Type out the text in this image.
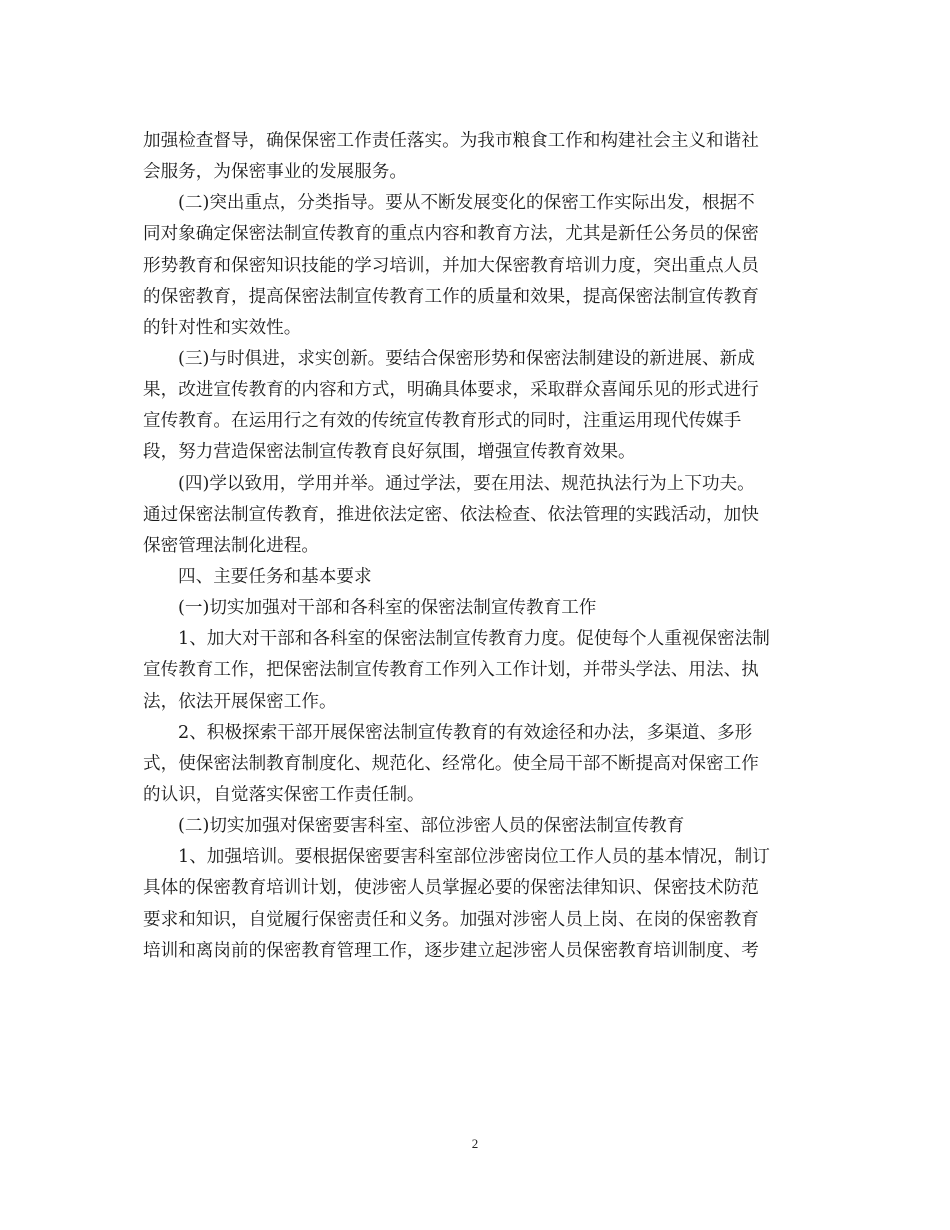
加强检查督导，确保保密工作责任落实。为我市粮食工作和构建社会主义和谐社
会服务，为保密事业的发展服务。
(二)突出重点，分类指导。要从不断发展变化的保密工作实际出发，根据不
同对象确定保密法制宣传教育的重点内容和教育方法，尤其是新任公务员的保密
形势教育和保密知识技能的学习培训，并加大保密教育培训力度，突出重点人员
的保密教育，提高保密法制宣传教育工作的质量和效果，提高保密法制宣传教育
的针对性和实效性。
(三)与时俱进，求实创新。要结合保密形势和保密法制建设的新进展、新成
果，改进宣传教育的内容和方式，明确具体要求，采取群众喜闻乐见的形式进行
宣传教育。在运用行之有效的传统宣传教育形式的同时，注重运用现代传媒手
段，努力营造保密法制宣传教育良好氛围，增强宣传教育效果。
(四)学以致用，学用并举。通过学法，要在用法、规范执法行为上下功夫。
通过保密法制宣传教育，推进依法定密、依法检查、依法管理的实践活动，加快
保密管理法制化进程。
四、主要任务和基本要求
(一)切实加强对干部和各科室的保密法制宣传教育工作
1、加大对干部和各科室的保密法制宣传教育力度。促使每个人重视保密法制
宣传教育工作，把保密法制宣传教育工作列入工作计划，并带头学法、用法、执
法，依法开展保密工作。
2、积极探索干部开展保密法制宣传教育的有效途径和办法，多渠道、多形
式，使保密法制教育制度化、规范化、经常化。使全局干部不断提高对保密工作
的认识，自觉落实保密工作责任制。
(二)切实加强对保密要害科室、部位涉密人员的保密法制宣传教育
1、加强培训。要根据保密要害科室部位涉密岗位工作人员的基本情况，制订
具体的保密教育培训计划，使涉密人员掌握必要的保密法律知识、保密技术防范
要求和知识，自觉履行保密责任和义务。加强对涉密人员上岗、在岗的保密教育
培训和离岗前的保密教育管理工作，逐步建立起涉密人员保密教育培训制度、考
2
